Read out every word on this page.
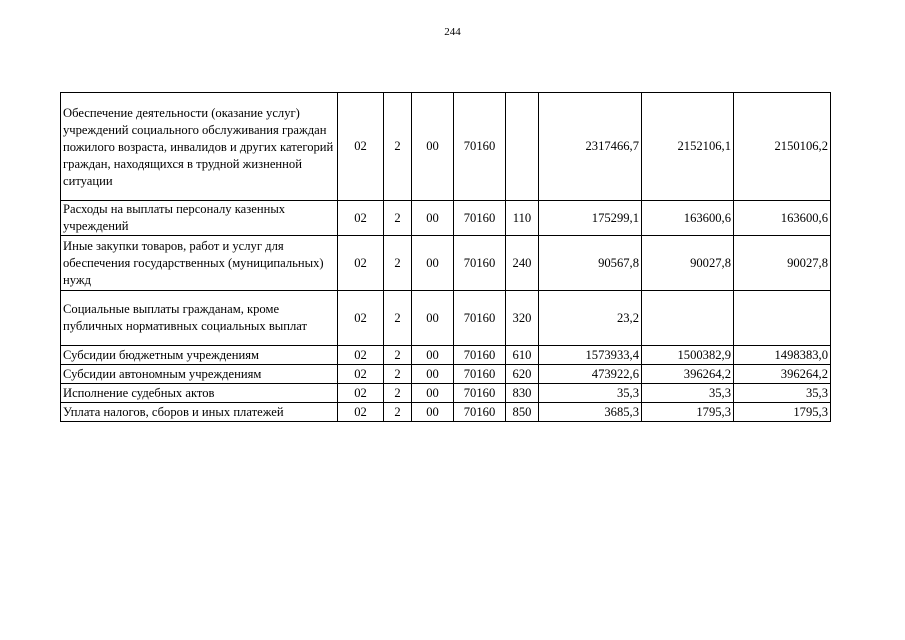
244
Обеспечение деятельности (оказание услуг) учреждений социального обслуживания граждан пожилого возраста, инвалидов и других категорий граждан, находящихся в трудной жизненной ситуации	02	2	00	70160		2317466,7	2152106,1	2150106,2
Расходы на выплаты персоналу казенных учреждений	02	2	00	70160	110	175299,1	163600,6	163600,6
Иные закупки товаров, работ и услуг для обеспечения государственных (муниципальных) нужд	02	2	00	70160	240	90567,8	90027,8	90027,8
Социальные выплаты гражданам, кроме публичных нормативных социальных выплат	02	2	00	70160	320	23,2		
Субсидии бюджетным учреждениям	02	2	00	70160	610	1573933,4	1500382,9	1498383,0
Субсидии автономным учреждениям	02	2	00	70160	620	473922,6	396264,2	396264,2
Исполнение судебных актов	02	2	00	70160	830	35,3	35,3	35,3
Уплата налогов, сборов и иных платежей	02	2	00	70160	850	3685,3	1795,3	1795,3
